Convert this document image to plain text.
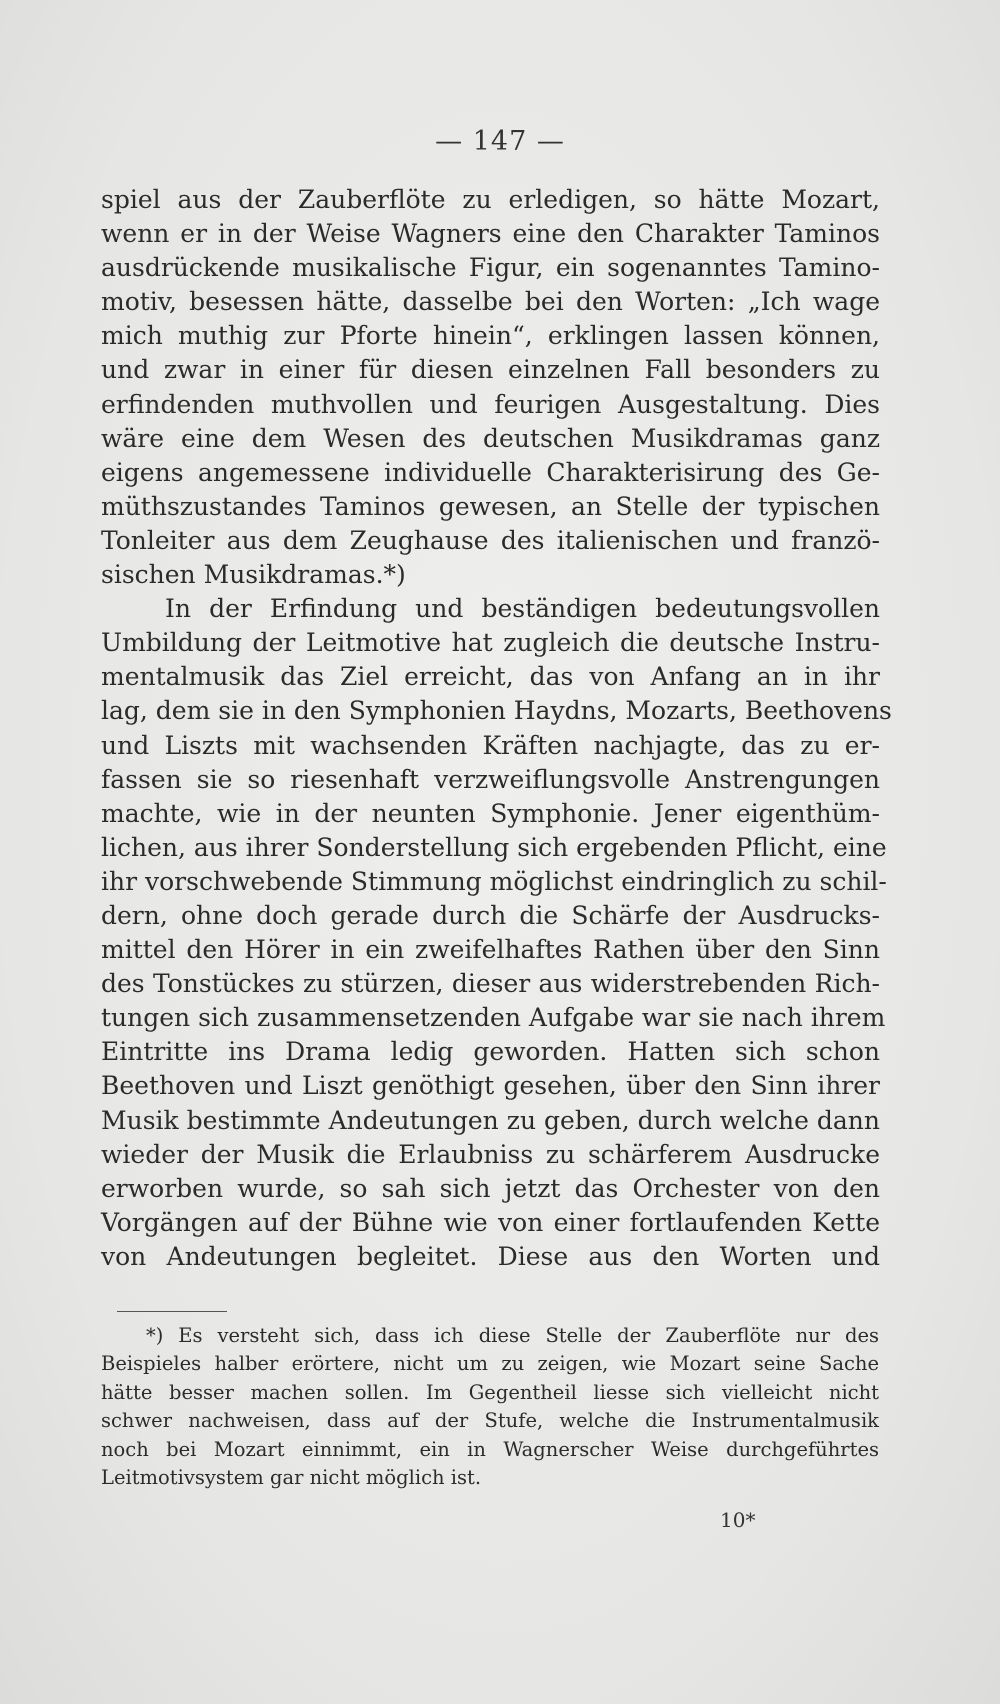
— 147 —
spiel aus der Zauberflöte zu erledigen, so hätte Mozart,
wenn er in der Weise Wagners eine den Charakter Taminos
ausdrückende musikalische Figur, ein sogenanntes Tamino-
motiv, besessen hätte, dasselbe bei den Worten: „Ich wage
mich muthig zur Pforte hinein“, erklingen lassen können,
und zwar in einer für diesen einzelnen Fall besonders zu
erfindenden muthvollen und feurigen Ausgestaltung. Dies
wäre eine dem Wesen des deutschen Musikdramas ganz
eigens angemessene individuelle Charakterisirung des Ge-
müthszustandes Taminos gewesen, an Stelle der typischen
Tonleiter aus dem Zeughause des italienischen und franzö-
sischen Musikdramas.*)
In der Erfindung und beständigen bedeutungsvollen
Umbildung der Leitmotive hat zugleich die deutsche Instru-
mentalmusik das Ziel erreicht, das von Anfang an in ihr
lag, dem sie in den Symphonien Haydns, Mozarts, Beethovens
und Liszts mit wachsenden Kräften nachjagte, das zu er-
fassen sie so riesenhaft verzweiflungsvolle Anstrengungen
machte, wie in der neunten Symphonie. Jener eigenthüm-
lichen, aus ihrer Sonderstellung sich ergebenden Pflicht, eine
ihr vorschwebende Stimmung möglichst eindringlich zu schil-
dern, ohne doch gerade durch die Schärfe der Ausdrucks-
mittel den Hörer in ein zweifelhaftes Rathen über den Sinn
des Tonstückes zu stürzen, dieser aus widerstrebenden Rich-
tungen sich zusammensetzenden Aufgabe war sie nach ihrem
Eintritte ins Drama ledig geworden. Hatten sich schon
Beethoven und Liszt genöthigt gesehen, über den Sinn ihrer
Musik bestimmte Andeutungen zu geben, durch welche dann
wieder der Musik die Erlaubniss zu schärferem Ausdrucke
erworben wurde, so sah sich jetzt das Orchester von den
Vorgängen auf der Bühne wie von einer fortlaufenden Kette
von Andeutungen begleitet. Diese aus den Worten und
*) Es versteht sich, dass ich diese Stelle der Zauberflöte nur des
Beispieles halber erörtere, nicht um zu zeigen, wie Mozart seine Sache
hätte besser machen sollen. Im Gegentheil liesse sich vielleicht nicht
schwer nachweisen, dass auf der Stufe, welche die Instrumentalmusik
noch bei Mozart einnimmt, ein in Wagnerscher Weise durchgeführtes
Leitmotivsystem gar nicht möglich ist.
10*
